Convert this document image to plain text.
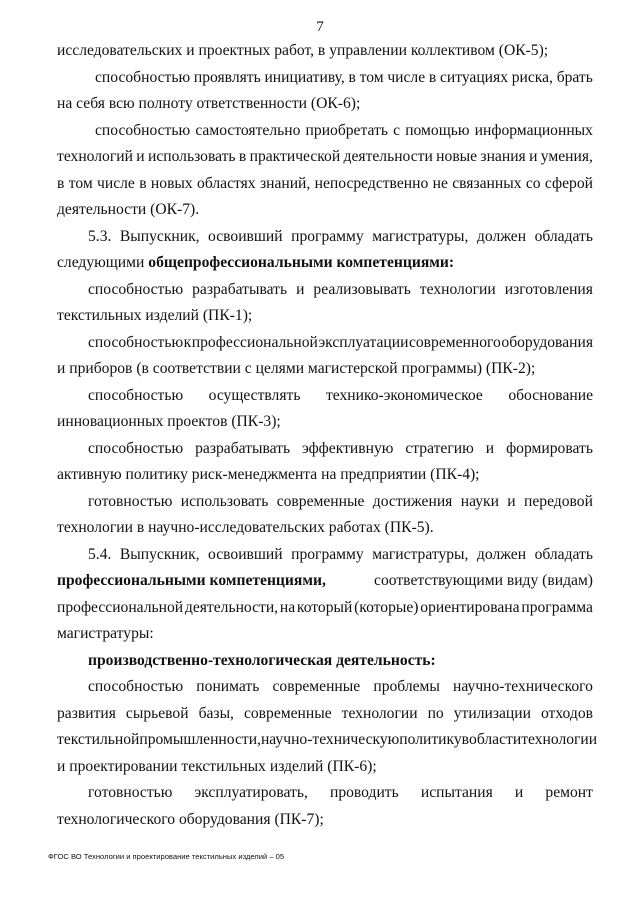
7
исследовательских и проектных работ, в управлении коллективом (ОК-5);
способностью проявлять инициативу, в том числе в ситуациях риска, брать
на себя всю полноту ответственности (ОК-6);
способностью самостоятельно приобретать с помощью информационных
технологий и использовать в практической деятельности новые знания и умения,
в том числе в новых областях знаний, непосредственно не связанных со сферой
деятельности (ОК-7).
5.3. Выпускник, освоивший программу магистратуры, должен обладать
следующими общепрофессиональными компетенциями:
способностью разрабатывать и реализовывать технологии изготовления
текстильных изделий (ПК-1);
способностью к профессиональной эксплуатации современного оборудования
и приборов (в соответствии с целями магистерской программы) (ПК-2);
способностью осуществлять технико-экономическое обоснование
инновационных проектов (ПК-3);
способностью разрабатывать эффективную стратегию и формировать
активную политику риск-менеджмента на предприятии (ПК-4);
готовностью использовать современные достижения науки и передовой
технологии в научно-исследовательских работах (ПК-5).
5.4. Выпускник, освоивший программу магистратуры, должен обладать
профессиональными компетенциями,	соответствующими виду (видам)
профессиональной деятельности, на который (которые) ориентирована программа
магистратуры:
производственно-технологическая деятельность:
способностью понимать современные проблемы научно-технического
развития сырьевой базы, современные технологии по утилизации отходов
текстильной промышленности, научно-техническую политику в области технологии
и проектировании текстильных изделий (ПК-6);
готовностью эксплуатировать, проводить испытания и ремонт
технологического оборудования (ПК-7);
ФГОС ВО Технологии и проектирование текстильных изделий – 05
